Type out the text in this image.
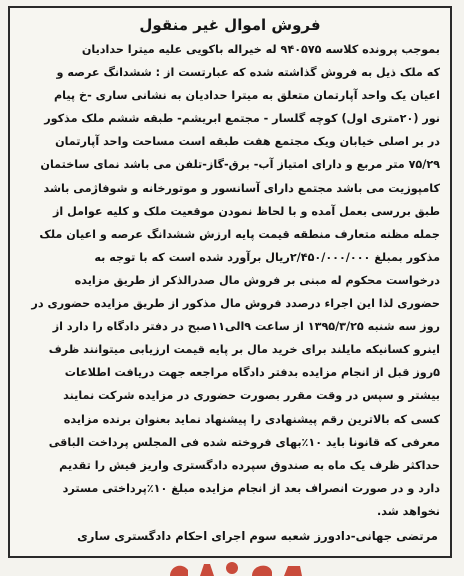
فروش اموال غیر منقول
بموجب پرونده کلاسه ۹۴۰۵۷۵ له خیراله باکویی علیه میترا حدادیان
که ملک ذیل به فروش گذاشته شده که عبارتست از : ششدانگ عرصه و
اعیان یک واحد آپارتمان متعلق به میترا حدادیان به نشانی ساری -خ پیام
نور (۲۰متری اول) کوچه گلسار - مجتمع ابریشم- طبقه ششم ملک مذکور
در بر اصلی خیابان ویک مجتمع هفت طبقه است مساحت واحد آپارتمان
۷۵/۲۹ متر مربع و دارای امتیاز آب- برق-گاز-تلفن می باشد نمای ساختمان
کامپوزیت می باشد مجتمع دارای آسانسور و موتورخانه و شوفاژمی باشد
طبق بررسی بعمل آمده و با لحاظ نمودن موقعیت ملک و کلیه عوامل از
جمله مظنه متعارف منطقه قیمت پایه ارزش ششدانگ عرصه و اعیان ملک
مذکور بمبلغ ۲/۴۵۰/۰۰۰/۰۰۰ریال برآورد شده است که با توجه به
درخواست محکوم له مبنی بر فروش مال صدرالذکر از طریق مزایده
حضوری لذا این اجراء درصدد فروش مال مذکور از طریق مزایده حضوری در
روز سه شنبه ۱۳۹۵/۳/۲۵ از ساعت ۹الی۱۱صبح در دفتر دادگاه را دارد از
اینرو کسانیکه مایلند برای خرید مال بر پایه قیمت ارزیابی میتوانند ظرف
۵روز قبل از انجام مزایده بدفتر دادگاه مراجعه جهت دریافت اطلاعات
بیشتر و سپس در وقت مقرر بصورت حضوری در مزایده شرکت نمایند
کسی که بالاترین رقم پیشنهادی را پیشنهاد نماید بعنوان برنده مزایده
معرفی که قانونا باید ۱۰٪بهای فروخته شده فی المجلس پرداخت الباقی
حداکثر ظرف یک ماه به صندوق سپرده دادگستری واریز فیش را تقدیم
دارد و در صورت انصراف بعد از انجام مزایده مبلغ ۱۰٪پرداختی مسترد
نخواهد شد.
مرتضی جهانی-دادورز شعبه سوم اجرای احکام دادگستری ساری
